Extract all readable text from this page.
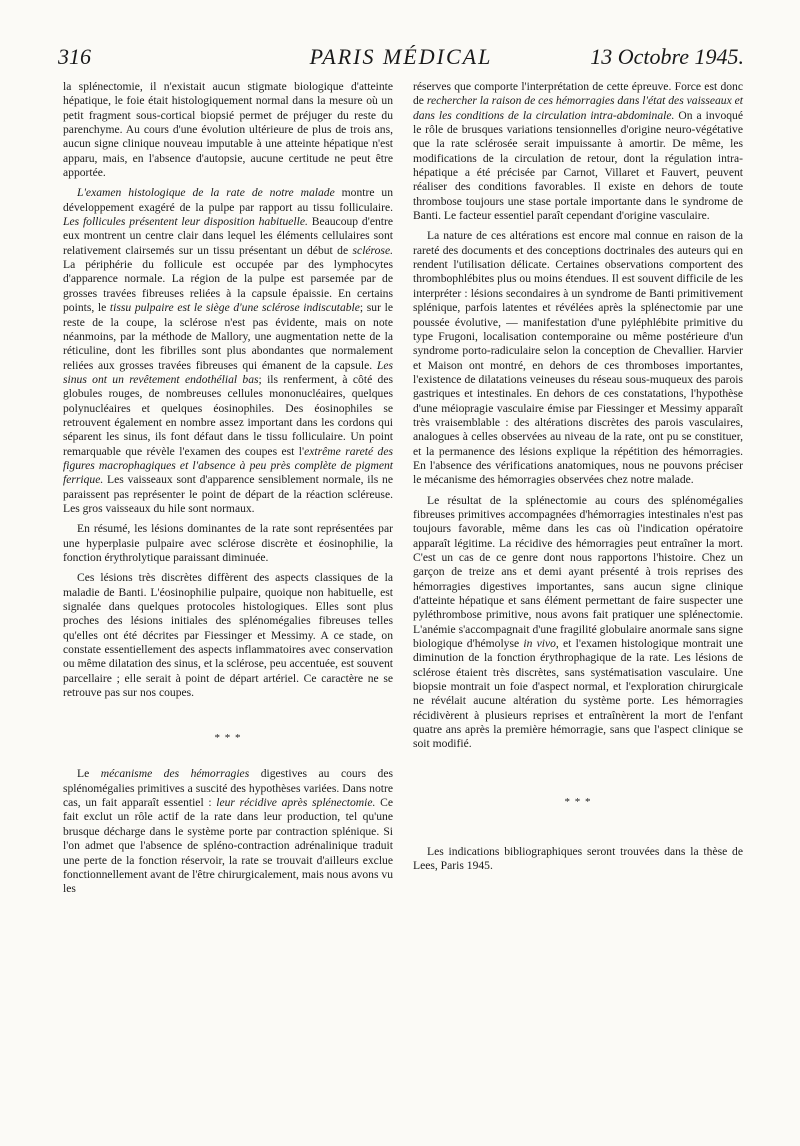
316	PARIS MÉDICAL	13 Octobre 1945.

la splénectomie, il n'existait aucun stigmate biologique d'atteinte hépatique, le foie était histologiquement normal dans la mesure où un petit fragment sous-cortical biopsié permet de préjuger du reste du parenchyme. Au cours d'une évolution ultérieure de plus de trois ans, aucun signe clinique nouveau imputable à une atteinte hépatique n'est apparu, mais, en l'absence d'autopsie, aucune certitude ne peut être apportée.

L'examen histologique de la rate de notre malade montre un développement exagéré de la pulpe par rapport au tissu folliculaire. Les follicules présentent leur disposition habituelle. Beaucoup d'entre eux montrent un centre clair dans lequel les éléments cellulaires sont relativement clairsemés sur un tissu présentant un début de sclérose. La périphérie du follicule est occupée par des lymphocytes d'apparence normale. La région de la pulpe est parsemée par de grosses travées fibreuses reliées à la capsule épaissie. En certains points, le tissu pulpaire est le siège d'une sclérose indiscutable; sur le reste de la coupe, la sclérose n'est pas évidente, mais on note néanmoins, par la méthode de Mallory, une augmentation nette de la réticuline, dont les fibrilles sont plus abondantes que normalement reliées aux grosses travées fibreuses qui émanent de la capsule. Les sinus ont un revêtement endothélial bas; ils renferment, à côté des globules rouges, de nombreuses cellules mononucléaires, quelques polynucléaires et quelques éosinophiles. Des éosinophiles se retrouvent également en nombre assez important dans les cordons qui séparent les sinus, ils font défaut dans le tissu folliculaire. Un point remarquable que révèle l'examen des coupes est l'extrême rareté des figures macrophagiques et l'absence à peu près complète de pigment ferrique. Les vaisseaux sont d'apparence sensiblement normale, ils ne paraissent pas représenter le point de départ de la réaction scléreuse. Les gros vaisseaux du hile sont normaux.

En résumé, les lésions dominantes de la rate sont représentées par une hyperplasie pulpaire avec sclérose discrète et éosinophilie, la fonction érythrolytique paraissant diminuée.

Ces lésions très discrètes diffèrent des aspects classiques de la maladie de Banti. L'éosinophilie pulpaire, quoique non habituelle, est signalée dans quelques protocoles histologiques. Elles sont plus proches des lésions initiales des splénomégalies fibreuses telles qu'elles ont été décrites par Fiessinger et Messimy. A ce stade, on constate essentiellement des aspects inflammatoires avec conservation ou même dilatation des sinus, et la sclérose, peu accentuée, est souvent parcellaire ; elle serait à point de départ artériel. Ce caractère ne se retrouve pas sur nos coupes.

* * *

Le mécanisme des hémorragies digestives au cours des splénomégalies primitives a suscité des hypothèses variées. Dans notre cas, un fait apparaît essentiel : leur récidive après splénectomie. Ce fait exclut un rôle actif de la rate dans leur production, tel qu'une brusque décharge dans le système porte par contraction splénique. Si l'on admet que l'absence de spléno-contraction adrénalinique traduit une perte de la fonction réservoir, la rate se trouvait d'ailleurs exclue fonctionnellement avant de l'être chirurgicalement, mais nous avons vu les

réserves que comporte l'interprétation de cette épreuve. Force est donc de rechercher la raison de ces hémorragies dans l'état des vaisseaux et dans les conditions de la circulation intra-abdominale. On a invoqué le rôle de brusques variations tensionnelles d'origine neuro-végétative que la rate sclérosée serait impuissante à amortir. De même, les modifications de la circulation de retour, dont la régulation intra-hépatique a été précisée par Carnot, Villaret et Fauvert, peuvent réaliser des conditions favorables. Il existe en dehors de toute thrombose toujours une stase portale importante dans le syndrome de Banti. Le facteur essentiel paraît cependant d'origine vasculaire.

La nature de ces altérations est encore mal connue en raison de la rareté des documents et des conceptions doctrinales des auteurs qui en rendent l'utilisation délicate. Certaines observations comportent des thrombophlébites plus ou moins étendues. Il est souvent difficile de les interpréter : lésions secondaires à un syndrome de Banti primitivement splénique, parfois latentes et révélées après la splénectomie par une poussée évolutive, — manifestation d'une pyléphlébite primitive du type Frugoni, localisation contemporaine ou même postérieure d'un syndrome porto-radiculaire selon la conception de Chevallier. Harvier et Maison ont montré, en dehors de ces thromboses importantes, l'existence de dilatations veineuses du réseau sous-muqueux des parois gastriques et intestinales. En dehors de ces constatations, l'hypothèse d'une méiopragie vasculaire émise par Fiessinger et Messimy apparaît très vraisemblable : des altérations discrètes des parois vasculaires, analogues à celles observées au niveau de la rate, ont pu se constituer, et la permanence des lésions explique la répétition des hémorragies. En l'absence des vérifications anatomiques, nous ne pouvons préciser le mécanisme des hémorragies observées chez notre malade.

Le résultat de la splénectomie au cours des splénomégalies fibreuses primitives accompagnées d'hémorragies intestinales n'est pas toujours favorable, même dans les cas où l'indication opératoire apparaît légitime. La récidive des hémorragies peut entraîner la mort. C'est un cas de ce genre dont nous rapportons l'histoire. Chez un garçon de treize ans et demi ayant présenté à trois reprises des hémorragies digestives importantes, sans aucun signe clinique d'atteinte hépatique et sans élément permettant de faire suspecter une pyléthrombose primitive, nous avons fait pratiquer une splénectomie. L'anémie s'accompagnait d'une fragilité globulaire anormale sans signe biologique d'hémolyse in vivo, et l'examen histologique montrait une diminution de la fonction érythrophagique de la rate. Les lésions de sclérose étaient très discrètes, sans systématisation vasculaire. Une biopsie montrait un foie d'aspect normal, et l'exploration chirurgicale ne révélait aucune altération du système porte. Les hémorragies récidivèrent à plusieurs reprises et entraînèrent la mort de l'enfant quatre ans après la première hémorragie, sans que l'aspect clinique se soit modifié.

* * *

Les indications bibliographiques seront trouvées dans la thèse de Lees, Paris 1945.
